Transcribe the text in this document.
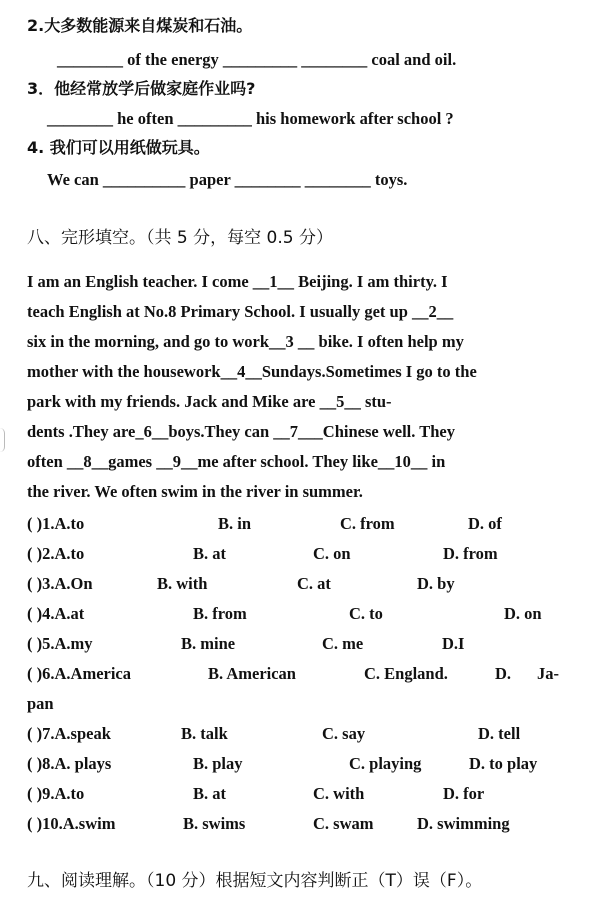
2.大多数能源来自煤炭和石油。
________ of the energy _________ ________ coal and oil.
3．他经常放学后做家庭作业吗?
________ he often _________ his homework after school ?
4. 我们可以用纸做玩具。
We can __________ paper ________ ________ toys.
八、完形填空。（共 5 分，每空 0.5 分）
I am an English teacher. I come __1__ Beijing. I am thirty. I
teach English at No.8 Primary School. I usually get up __2__
six in the morning, and go to work__3 __ bike. I often help my
mother with the housework__4__Sundays.Sometimes I go to the
park with my friends. Jack and Mike are __5__ stu-
dents .They are_6__boys.They can __7___Chinese well. They
often __8__games __9__me after school. They like__10__ in
the river. We often swim in the river in summer.
( )1.A.to	B. in	C. from	D. of
( )2.A.to	B. at	C. on	D. from
( )3.A.On	B. with	C. at	D. by
( )4.A.at	B. from	C. to	D. on
( )5.A.my	B. mine	C. me	D.I
( )6.A.America	B. American	C. England.	D. Ja-
pan
( )7.A.speak	B. talk	C. say	D. tell
( )8.A. plays	B. play	C. playing	D. to play
( )9.A.to	B. at	C. with	D. for
( )10.A.swim	B. swims	C. swam	D. swimming
九、阅读理解。（10 分）根据短文内容判断正（T）误（F）。
